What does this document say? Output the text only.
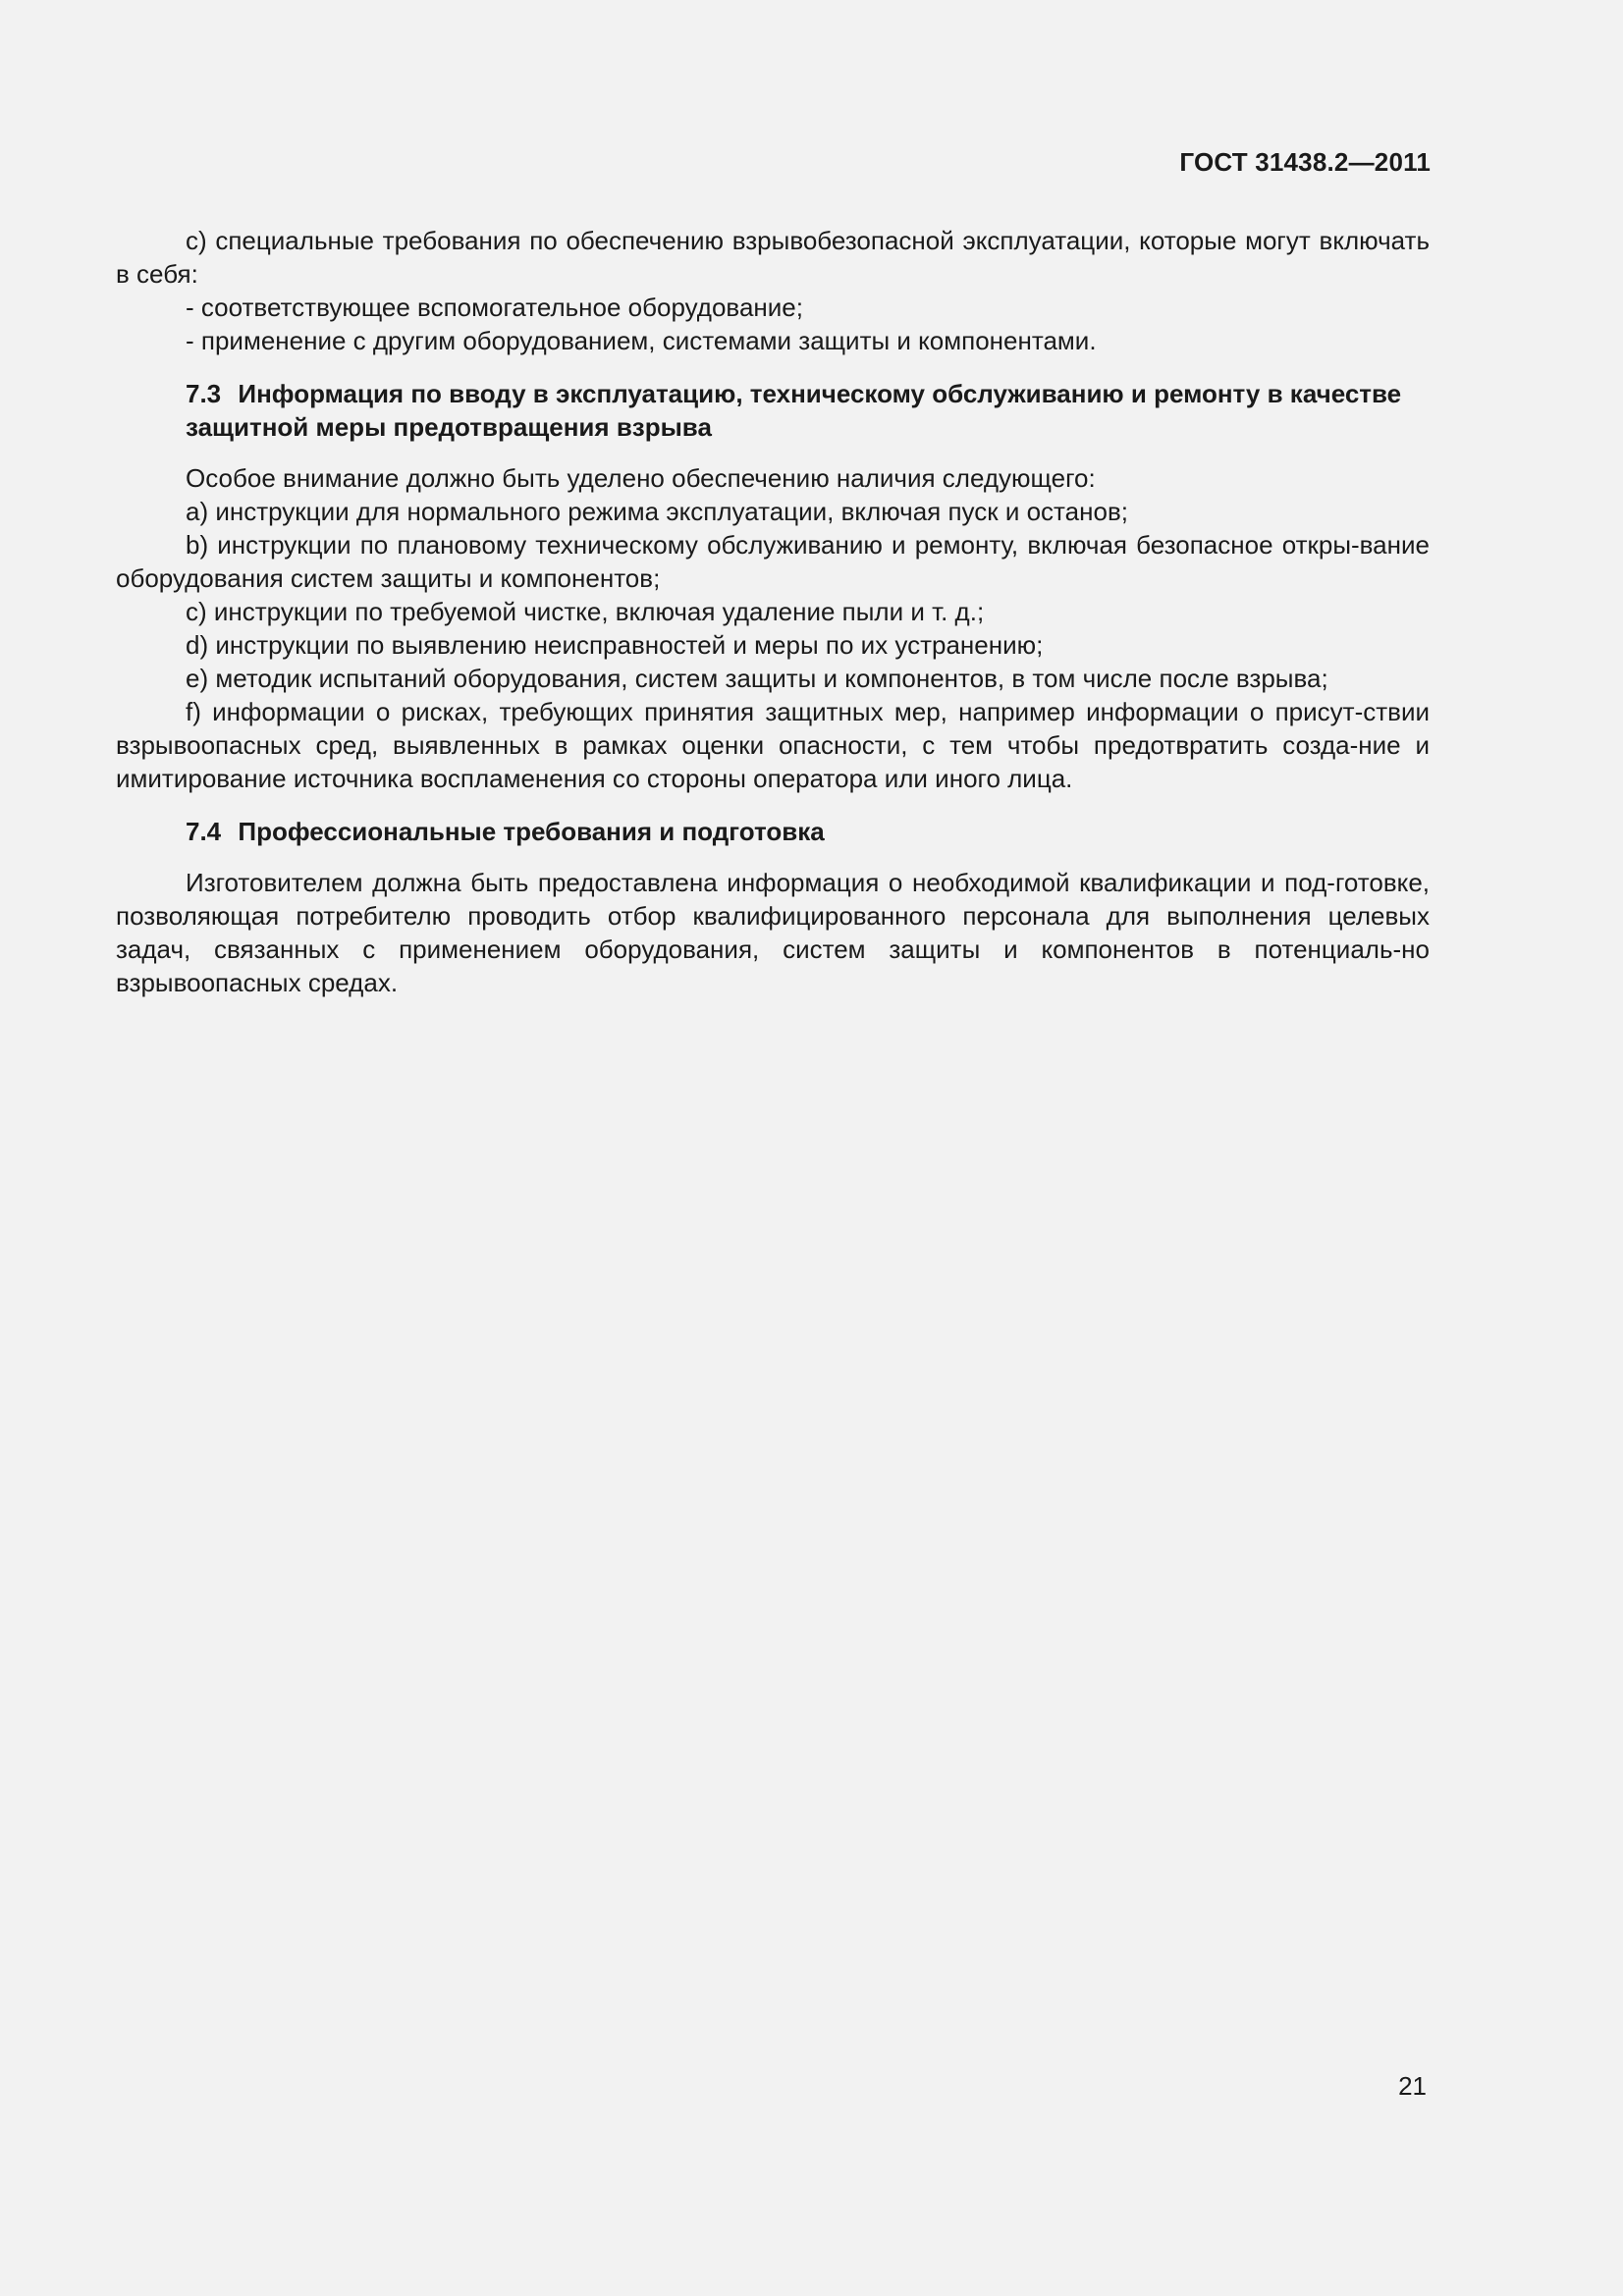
ГОСТ 31438.2—2011

c) специальные требования по обеспечению взрывобезопасной эксплуатации, которые могут включать в себя:

- соответствующее вспомогательное оборудование;

- применение с другим оборудованием, системами защиты и компонентами.

7.3 Информация по вводу в эксплуатацию, техническому обслуживанию и ремонту в качестве защитной меры предотвращения взрыва

Особое внимание должно быть уделено обеспечению наличия следующего:

a) инструкции для нормального режима эксплуатации, включая пуск и останов;

b) инструкции по плановому техническому обслуживанию и ремонту, включая безопасное откры-вание оборудования систем защиты и компонентов;

c) инструкции по требуемой чистке, включая удаление пыли и т. д.;

d) инструкции по выявлению неисправностей и меры по их устранению;

e) методик испытаний оборудования, систем защиты и компонентов, в том числе после взрыва;

f) информации о рисках, требующих принятия защитных мер, например информации о присут-ствии взрывоопасных сред, выявленных в рамках оценки опасности, с тем чтобы предотвратить созда-ние и имитирование источника воспламенения со стороны оператора или иного лица.

7.4 Профессиональные требования и подготовка

Изготовителем должна быть предоставлена информация о необходимой квалификации и под-готовке, позволяющая потребителю проводить отбор квалифицированного персонала для выполнения целевых задач, связанных с применением оборудования, систем защиты и компонентов в потенциаль-но взрывоопасных средах.

21
